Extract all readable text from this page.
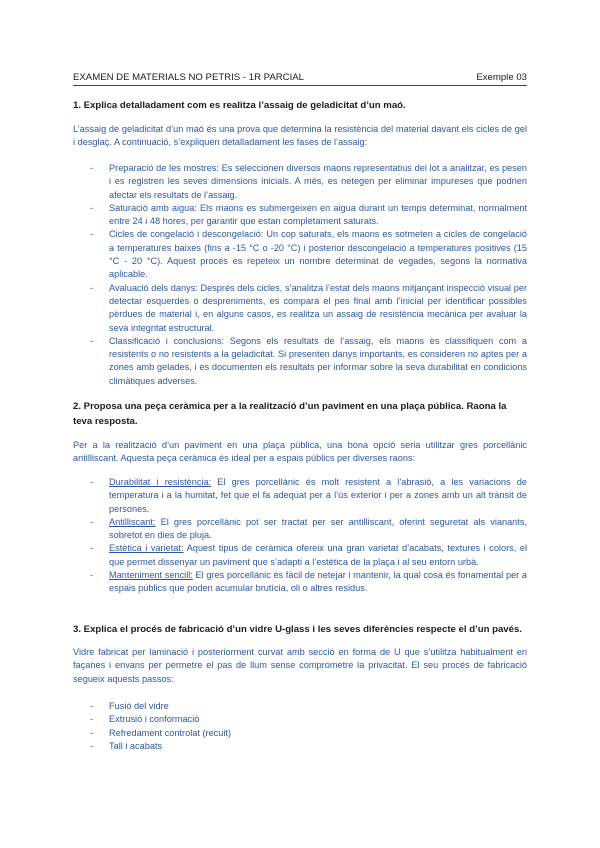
EXAMEN DE MATERIALS NO PETRIS - 1R PARCIAL	Exemple 03
1. Explica detalladament com es realitza l’assaig de geladicitat d’un maó.
L’assaig de geladicitat d’un maó és una prova que determina la resistència del material davant els cicles de gel i desglaç. A continuació, s’expliquen detalladament les fases de l’assaig:
- Preparació de les mostres: Es seleccionen diversos maons representatius del lot a analitzar, es pesen i es registren les seves dimensions inicials. A més, es netegen per eliminar impureses que podrien afectar els resultats de l’assaig.
- Saturació amb aigua: Els maons es submergeixen en aigua durant un temps determinat, normalment entre 24 i 48 hores, per garantir que estan completament saturats.
- Cicles de congelació i descongelació: Un cop saturats, els maons es sotmeten a cicles de congelació a temperatures baixes (fins a -15 °C o -20 °C) i posterior descongelació a temperatures positives (15 °C - 20 °C). Aquest procés es repeteix un nombre determinat de vegades, segons la normativa aplicable.
- Avaluació dels danys: Després dels cicles, s’analitza l’estat dels maons mitjançant inspecció visual per detectar esquerdes o despreniments, es compara el pes final amb l’inicial per identificar possibles pèrdues de material i, en alguns casos, es realitza un assaig de resistència mecànica per avaluar la seva integritat estructural.
- Classificació i conclusions: Segons els resultats de l’assaig, els maons es classifiquen com a resistents o no resistents a la geladicitat. Si presenten danys importants, es consideren no aptes per a zones amb gelades, i es documenten els resultats per informar sobre la seva durabilitat en condicions climàtiques adverses.
2. Proposa una peça ceràmica per a la realització d’un paviment en una plaça pública. Raona la teva resposta.
Per a la realització d’un paviment en una plaça pública, una bona opció seria utilitzar gres porcellànic antilliscant. Aquesta peça ceràmica és ideal per a espais públics per diverses raons:
- Durabilitat i resistència: El gres porcellànic és molt resistent a l’abrasió, a les variacions de temperatura i a la humitat, fet que el fa adequat per a l’ús exterior i per a zones amb un alt trànsit de persones.
- Antilliscant: El gres porcellànic pot ser tractat per ser antilliscant, oferint seguretat als vianants, sobretot en dies de pluja.
- Estètica i varietat: Aquest tipus de ceràmica ofereix una gran varietat d’acabats, textures i colors, el que permet dissenyar un paviment que s’adapti a l’estètica de la plaça i al seu entorn urbà.
- Manteniment sencill: El gres porcellànic és fàcil de netejar i mantenir, la qual cosa és fonamental per a espais públics que poden acumular brutícia, oli o altres residus.
3. Explica el procés de fabricació d’un vidre U-glass i les seves diferències respecte el d’un pavés.
Vidre fabricat per laminació i posteriorment curvat amb secció en forma de U que s’utilitza habitualment en façanes i envans per permetre el pas de llum sense comprometre la privacitat. El seu procés de fabricació segueix aquests passos:
- Fusió del vidre
- Extrusió i conformació
- Refredament controlat (recuit)
- Tall i acabats
